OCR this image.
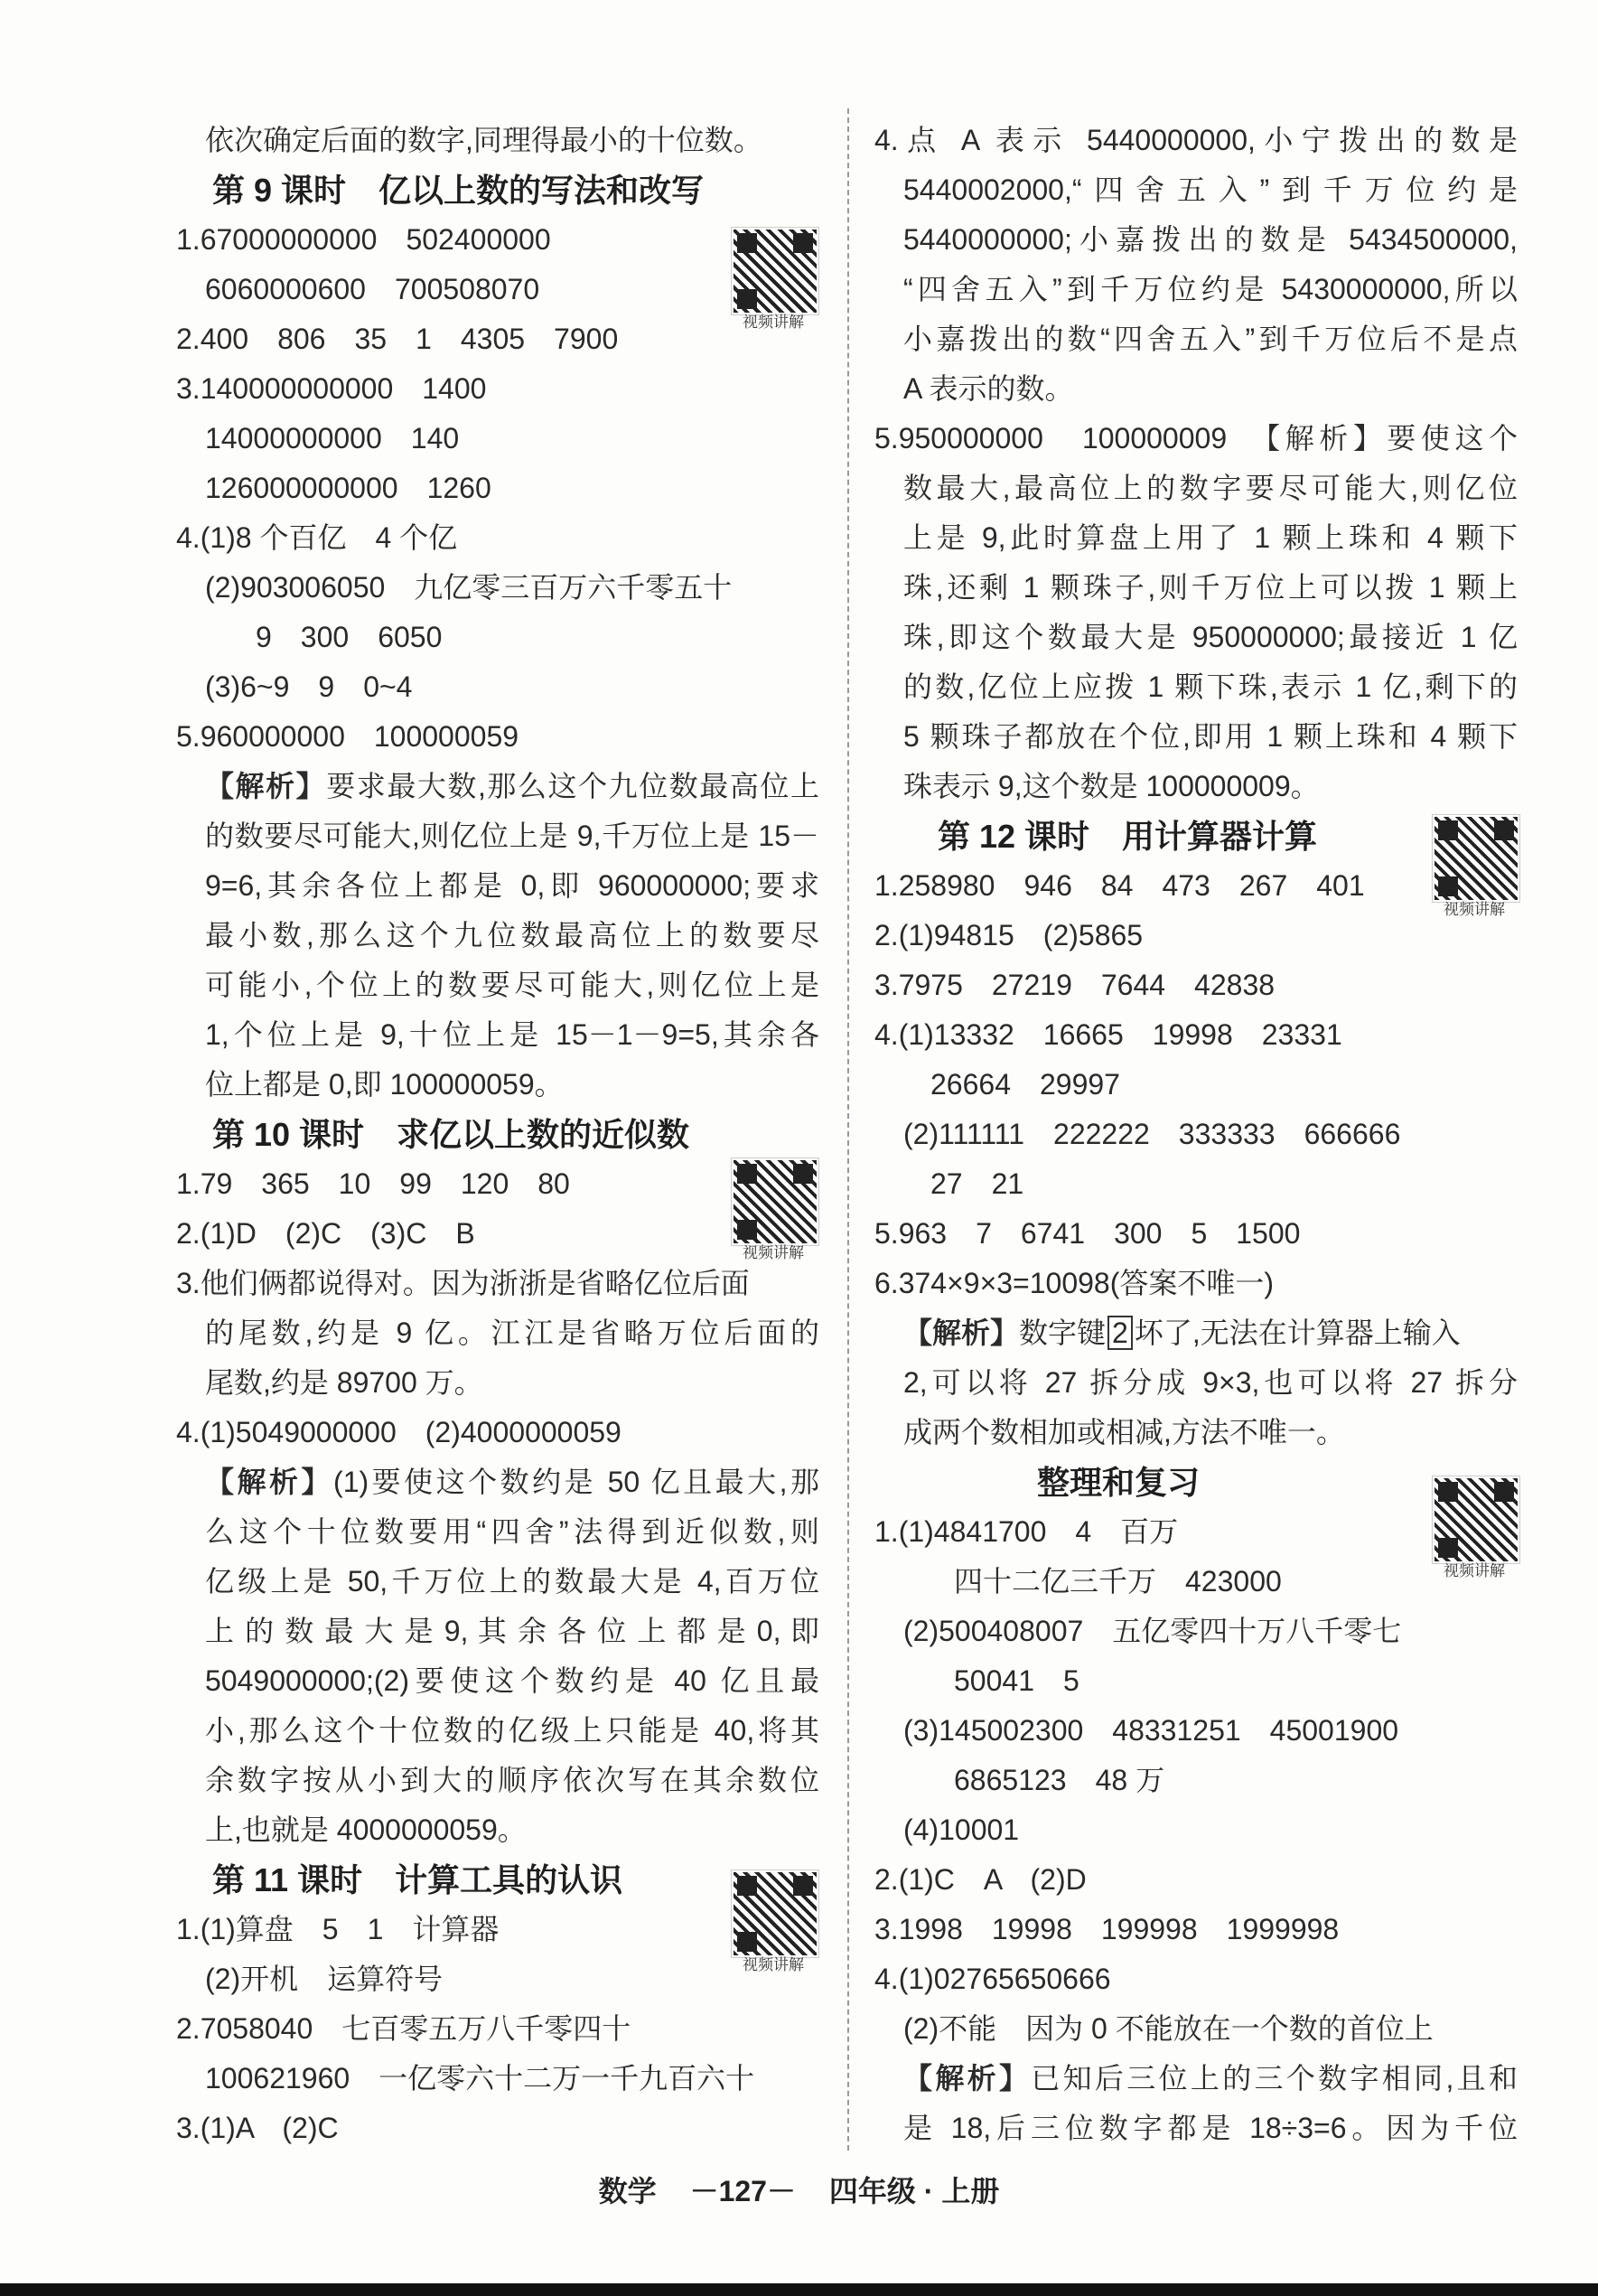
依次确定后面的数字,同理得最小的十位数。
第 9 课时　亿以上数的写法和改写
1.67000000000　502400000
6060000600　700508070
2.400　806　35　1　4305　7900
3.140000000000　1400
14000000000　140
126000000000　1260
4.(1)8 个百亿　4 个亿
(2)903006050　九亿零三百万六千零五十
9　300　6050
(3)6~9　9　0~4
5.960000000　100000059
【解析】要求最大数,那么这个九位数最高位上
的数要尽可能大,则亿位上是 9,千万位上是 15－
9=6,其余各位上都是 0,即 960000000;要求
最小数,那么这个九位数最高位上的数要尽
可能小,个位上的数要尽可能大,则亿位上是
1,个位上是 9,十位上是 15－1－9=5,其余各
位上都是 0,即 100000059。
第 10 课时　求亿以上数的近似数
1.79　365　10　99　120　80
2.(1)D　(2)C　(3)C　B
3.他们俩都说得对。因为浙浙是省略亿位后面
的尾数,约是 9 亿。江江是省略万位后面的
尾数,约是 89700 万。
4.(1)5049000000　(2)4000000059
【解析】(1)要使这个数约是 50 亿且最大,那
么这个十位数要用“四舍”法得到近似数,则
亿级上是 50,千万位上的数最大是 4,百万位
上 的 数 最 大 是 9, 其 余 各 位 上 都 是 0, 即
5049000000;(2)要使这个数约是 40 亿且最
小,那么这个十位数的亿级上只能是 40,将其
余数字按从小到大的顺序依次写在其余数位
上,也就是 4000000059。
第 11 课时　计算工具的认识
1.(1)算盘　5　1　计算器
(2)开机　运算符号
2.7058040　七百零五万八千零四十
100621960　一亿零六十二万一千九百六十
3.(1)A　(2)C
4.点 A 表示 5440000000,小宁拨出的数是
5440002000,“四舍五入”到千万位约是
5440000000;小嘉拨出的数是 5434500000,
“四舍五入”到千万位约是 5430000000,所以
小嘉拨出的数“四舍五入”到千万位后不是点
A 表示的数。
5.950000000　100000009　【解析】要使这个
数最大,最高位上的数字要尽可能大,则亿位
上是 9,此时算盘上用了 1 颗上珠和 4 颗下
珠,还剩 1 颗珠子,则千万位上可以拨 1 颗上
珠,即这个数最大是 950000000;最接近 1 亿
的数,亿位上应拨 1 颗下珠,表示 1 亿,剩下的
5 颗珠子都放在个位,即用 1 颗上珠和 4 颗下
珠表示 9,这个数是 100000009。
第 12 课时　用计算器计算
1.258980　946　84　473　267　401
2.(1)94815　(2)5865
3.7975　27219　7644　42838
4.(1)13332　16665　19998　23331
26664　29997
(2)111111　222222　333333　666666
27　21
5.963　7　6741　300　5　1500
6.374×9×3=10098(答案不唯一)
【解析】数字键 2 坏了,无法在计算器上输入
2,可以将 27 拆分成 9×3,也可以将 27 拆分
成两个数相加或相减,方法不唯一。
整理和复习
1.(1)4841700　4　百万
四十二亿三千万　423000
(2)500408007　五亿零四十万八千零七
50041　5
(3)145002300　48331251　45001900
6865123　48 万
(4)10001
2.(1)C　A　(2)D
3.1998　19998　199998　1999998
4.(1)02765650666
(2)不能　因为 0 不能放在一个数的首位上
【解析】已知后三位上的三个数字相同,且和
是 18,后三位数字都是 18÷3=6。因为千位
视频讲解
视频讲解
视频讲解
视频讲解
视频讲解
数学 －127－ 四年级 · 上册
